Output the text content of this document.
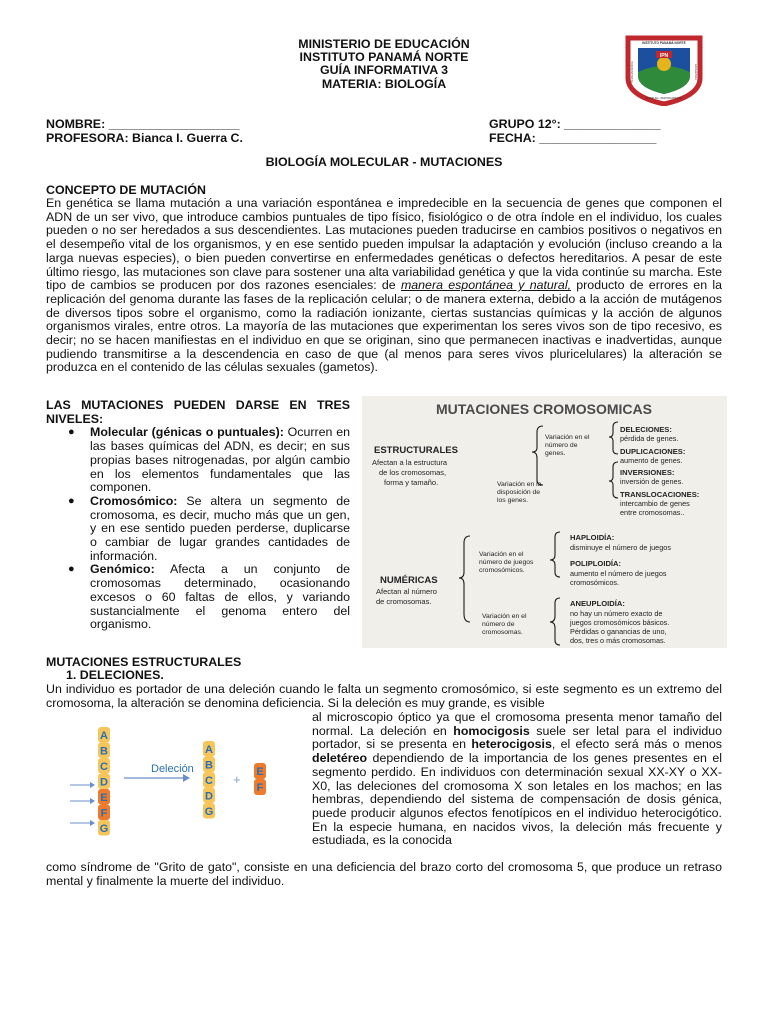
MINISTERIO DE EDUCACIÓN
INSTITUTO PANAMÁ NORTE
GUÍA INFORMATIVA 3
MATERIA: BIOLOGÍA
IPN
INSTITUTO PANAMÁ NORTE
PERSEVERANCIA	EXCELENCIA
DISCIPLINA · RESPONSABILIDAD
NOMBRE: ___________________	GRUPO 12°: ______________
PROFESORA: Bianca I. Guerra C.	FECHA: _________________
BIOLOGÍA MOLECULAR - MUTACIONES
CONCEPTO DE MUTACIÓN
En genética se llama mutación a una variación espontánea e impredecible en la secuencia de genes que componen el ADN de un ser vivo, que introduce cambios puntuales de tipo físico, fisiológico o de otra índole en el individuo, los cuales pueden o no ser heredados a sus descendientes. Las mutaciones pueden traducirse en cambios positivos o negativos en el desempeño vital de los organismos, y en ese sentido pueden impulsar la adaptación y evolución (incluso creando a la larga nuevas especies), o bien pueden convertirse en enfermedades genéticas o defectos hereditarios. A pesar de este último riesgo, las mutaciones son clave para sostener una alta variabilidad genética y que la vida continúe su marcha. Este tipo de cambios se producen por dos razones esenciales: de manera espontánea y natural, producto de errores en la replicación del genoma durante las fases de la replicación celular; o de manera externa, debido a la acción de mutágenos de diversos tipos sobre el organismo, como la radiación ionizante, ciertas sustancias químicas y la acción de algunos organismos virales, entre otros. La mayoría de las mutaciones que experimentan los seres vivos son de tipo recesivo, es decir; no se hacen manifiestas en el individuo en que se originan, sino que permanecen inactivas e inadvertidas, aunque pudiendo transmitirse a la descendencia en caso de que (al menos para seres vivos pluricelulares) la alteración se produzca en el contenido de las células sexuales (gametos).
LAS MUTACIONES PUEDEN DARSE EN TRES NIVELES:
● Molecular (génicas o puntuales): Ocurren en las bases químicas del ADN, es decir; en sus propias bases nitrogenadas, por algún cambio en los elementos fundamentales que las componen.
● Cromosómico: Se altera un segmento de cromosoma, es decir, mucho más que un gen, y en ese sentido pueden perderse, duplicarse o cambiar de lugar grandes cantidades de información.
● Genómico: Afecta a un conjunto de cromosomas determinado, ocasionando excesos o 60 faltas de ellos, y variando sustancialmente el genoma entero del organismo.
MUTACIONES CROMOSOMICAS
ESTRUCTURALES
Afectan a la estructura
de los cromosomas,
forma y tamaño.
Variación en el
número de
genes.
Variación en la
disposición de
los genes.
DELECIONES:
pérdida de genes.
DUPLICACIONES:
aumento de genes.
INVERSIONES:
inversión de genes.
TRANSLOCACIONES:
intercambio de genes
entre cromosomas..
NUMÉRICAS
Afectan al número
de cromosomas.
Variación en el
número de juegos
cromosómicos.
Variación en el
número de
cromosomas.
HAPLOIDÍA:
disminuye el número de juegos
POLIPLOIDÍA:
aumento el número de juegos
cromosómicos.
ANEUPLOIDÍA:
no hay un número exacto de
juegos cromosómicos básicos.
Pérdidas o ganancias de uno,
dos, tres o más cromosomas.
MUTACIONES ESTRUCTURALES
1. DELECIONES.
Un individuo es portador de una deleción cuando le falta un segmento cromosómico, si este segmento es un extremo del cromosoma, la alteración se denomina deficiencia. Si la deleción es muy grande, es visible
al microscopio óptico ya que el cromosoma presenta menor tamaño del normal. La deleción en homocigosis suele ser letal para el individuo portador, si se presenta en heterocigosis, el efecto será más o menos deletéreo dependiendo de la importancia de los genes presentes en el segmento perdido. En individuos con determinación sexual XX-XY o XX-X0, las deleciones del cromosoma X son letales en los machos; en las hembras, dependiendo del sistema de compensación de dosis génica, puede producir algunos efectos fenotípicos en el individuo heterocigótico. En la especie humana, en nacidos vivos, la deleción más frecuente y estudiada, es la conocida
como síndrome de "Grito de gato", consiste en una deficiencia del brazo corto del cromosoma 5, que produce un retraso mental y finalmente la muerte del individuo.
A
B
C
D
E
F
G
A
B
C
D
G
E
F
Deleción
+
